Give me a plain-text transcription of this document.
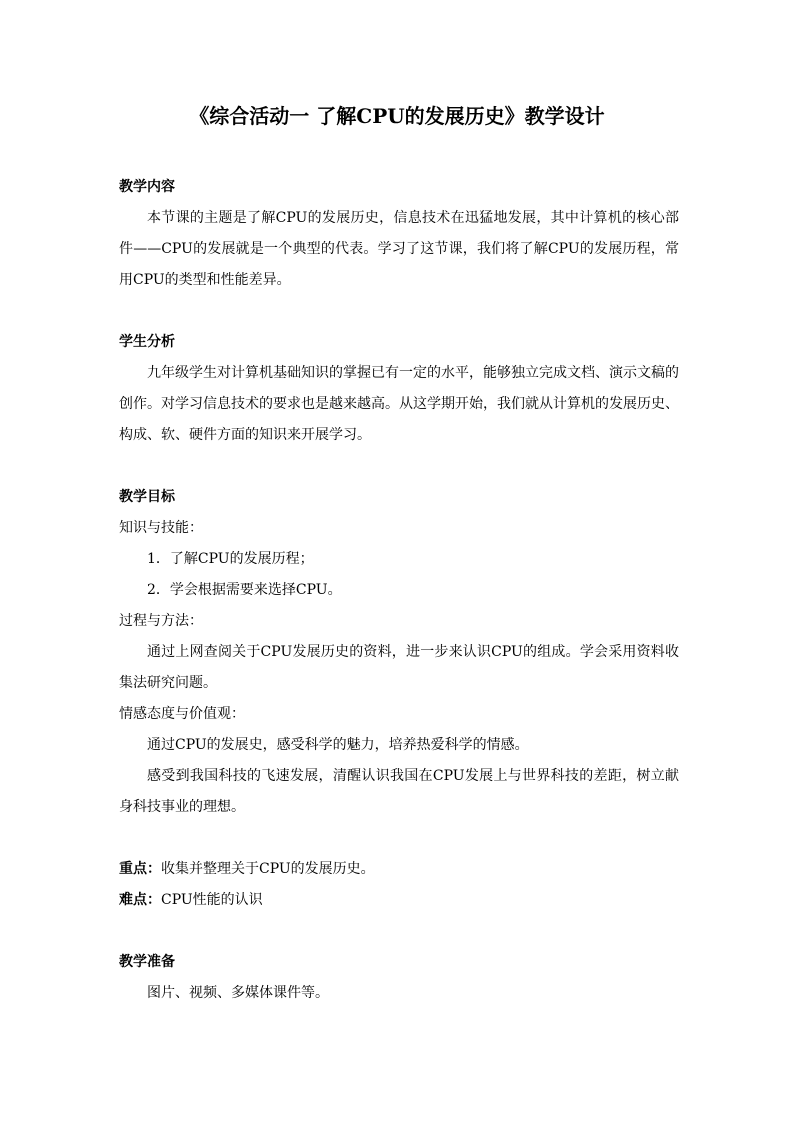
《综合活动一 了解CPU的发展历史》教学设计
教学内容

本节课的主题是了解CPU的发展历史，信息技术在迅猛地发展，其中计算机的核心部件——CPU的发展就是一个典型的代表。学习了这节课，我们将了解CPU的发展历程，常用CPU的类型和性能差异。

学生分析

九年级学生对计算机基础知识的掌握已有一定的水平，能够独立完成文档、演示文稿的创作。对学习信息技术的要求也是越来越高。从这学期开始，我们就从计算机的发展历史、构成、软、硬件方面的知识来开展学习。

教学目标

知识与技能：

1．了解CPU的发展历程；

2．学会根据需要来选择CPU。

过程与方法：

通过上网查阅关于CPU发展历史的资料，进一步来认识CPU的组成。学会采用资料收集法研究问题。

情感态度与价值观：

通过CPU的发展史，感受科学的魅力，培养热爱科学的情感。

感受到我国科技的飞速发展，清醒认识我国在CPU发展上与世界科技的差距，树立献身科技事业的理想。

重点：收集并整理关于CPU的发展历史。

难点：CPU性能的认识

教学准备

图片、视频、多媒体课件等。
